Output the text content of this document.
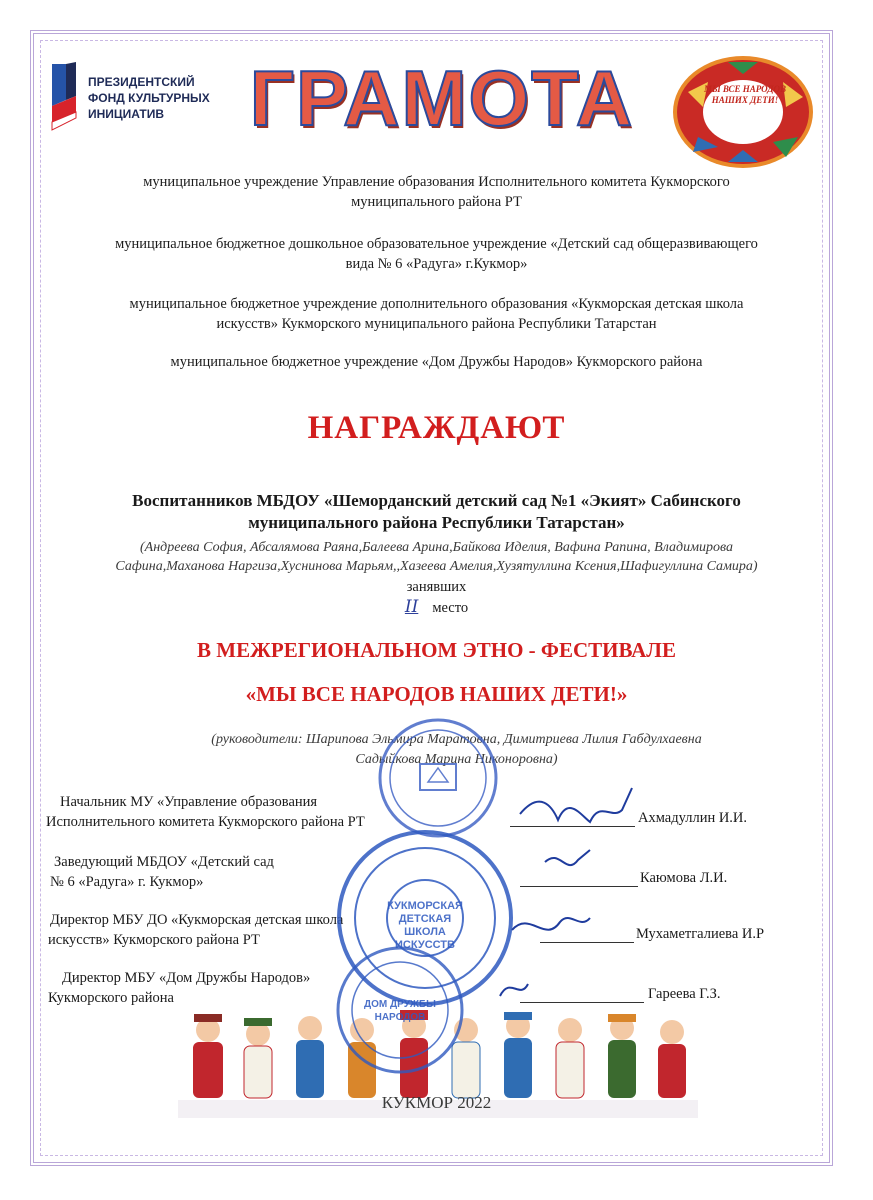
ПРЕЗИДЕНТСКИЙ
ФОНД КУЛЬТУРНЫХ
ИНИЦИАТИВ	ГРАМОТА	МЫ ВСЕ НАРОДОВ НАШИХ ДЕТИ!
муниципальное учреждение Управление образования Исполнительного комитета Кукморского
муниципального района РТ
муниципальное бюджетное дошкольное образовательное учреждение «Детский сад общеразвивающего
вида № 6 «Радуга» г.Кукмор»
муниципальное бюджетное учреждение дополнительного образования «Кукморская детская школа
искусств» Кукморского муниципального района Республики Татарстан
муниципальное бюджетное учреждение «Дом Дружбы Народов» Кукморского района
НАГРАЖДАЮТ
Воспитанников МБДОУ «Шеморданский детский сад №1 «Экият» Сабинского
муниципального района Республики Татарстан»
(Андреева София, Абсалямова Раяна,Балеева Арина,Байкова Иделия, Вафина Рапина, Владимирова
Сафина,Маханова Наргиза,Хуснинова Марьям,,Хазеева Амелия,Хузятуллина Ксения,Шафигуллина Самира)
занявших
II место
В МЕЖРЕГИОНАЛЬНОМ ЭТНО - ФЕСТИВАЛЕ
«МЫ ВСЕ НАРОДОВ НАШИХ ДЕТИ!»
(руководители: Шарипова Эльмира Маратовна, Димитриева Лилия Габдулхаевна
Садыйкова Марина Никоноровна)
Начальник МУ «Управление образования
Исполнительного комитета Кукморского района РТ	Ахмадуллин И.И.
Заведующий МБДОУ «Детский сад
№ 6 «Радуга» г. Кукмор»	Каюмова Л.И.
Директор МБУ ДО «Кукморская детская школа
искусств» Кукморского района РТ	Мухаметгалиева И.Р
Директор МБУ «Дом Дружбы Народов»
Кукморского района	Гареева Г.З.
КУКМОР 2022
КУКМОРСКАЯ ДЕТСКАЯ ШКОЛА ИСКУССТВ
ДОМ ДРУЖБЫ НАРОДОВ
